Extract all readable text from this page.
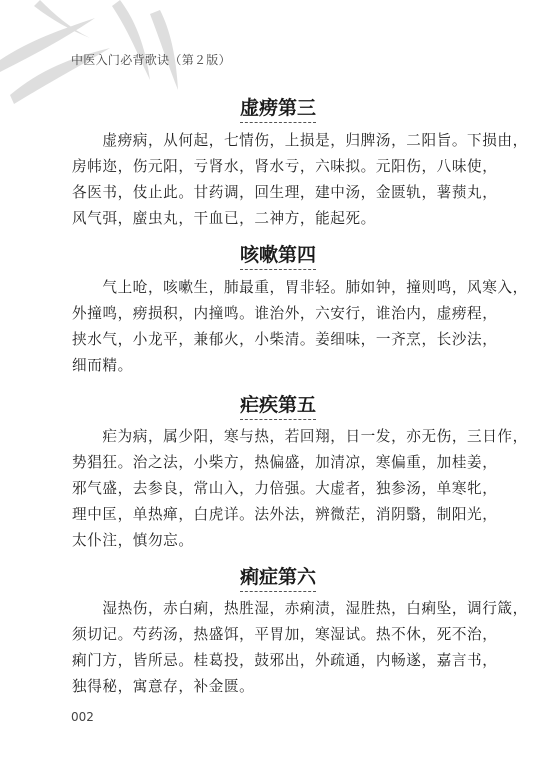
中医入门必背歌诀（第２版）
虚痨第三
　　虚痨病，从何起，七情伤，上损是，归脾汤，二阳旨。下损由，
房帏迩，伤元阳，亏肾水，肾水亏，六味拟。元阳伤，八味使，
各医书，伎止此。甘药调，回生理，建中汤，金匮轨，薯蓣丸，
风气弭，䗪虫丸，干血已，二神方，能起死。
咳嗽第四
　　气上呛，咳嗽生，肺最重，胃非轻。肺如钟，撞则鸣，风寒入，
外撞鸣，痨损积，内撞鸣。谁治外，六安行，谁治内，虚痨程，
挟水气，小龙平，兼郁火，小柴清。姜细味，一齐烹，长沙法，
细而精。
疟疾第五
　　疟为病，属少阳，寒与热，若回翔，日一发，亦无伤，三日作，
势猖狂。治之法，小柴方，热偏盛，加清凉，寒偏重，加桂姜，
邪气盛，去参良，常山入，力倍强。大虚者，独参汤，单寒牝，
理中匡，单热瘅，白虎详。法外法，辨微茫，消阴翳，制阳光，
太仆注，慎勿忘。
痢症第六
　　湿热伤，赤白痢，热胜湿，赤痢渍，湿胜热，白痢坠，调行箴，
须切记。芍药汤，热盛饵，平胃加，寒湿试。热不休，死不治，
痢门方，皆所忌。桂葛投，鼓邪出，外疏通，内畅遂，嘉言书，
独得秘，寓意存，补金匮。
002
